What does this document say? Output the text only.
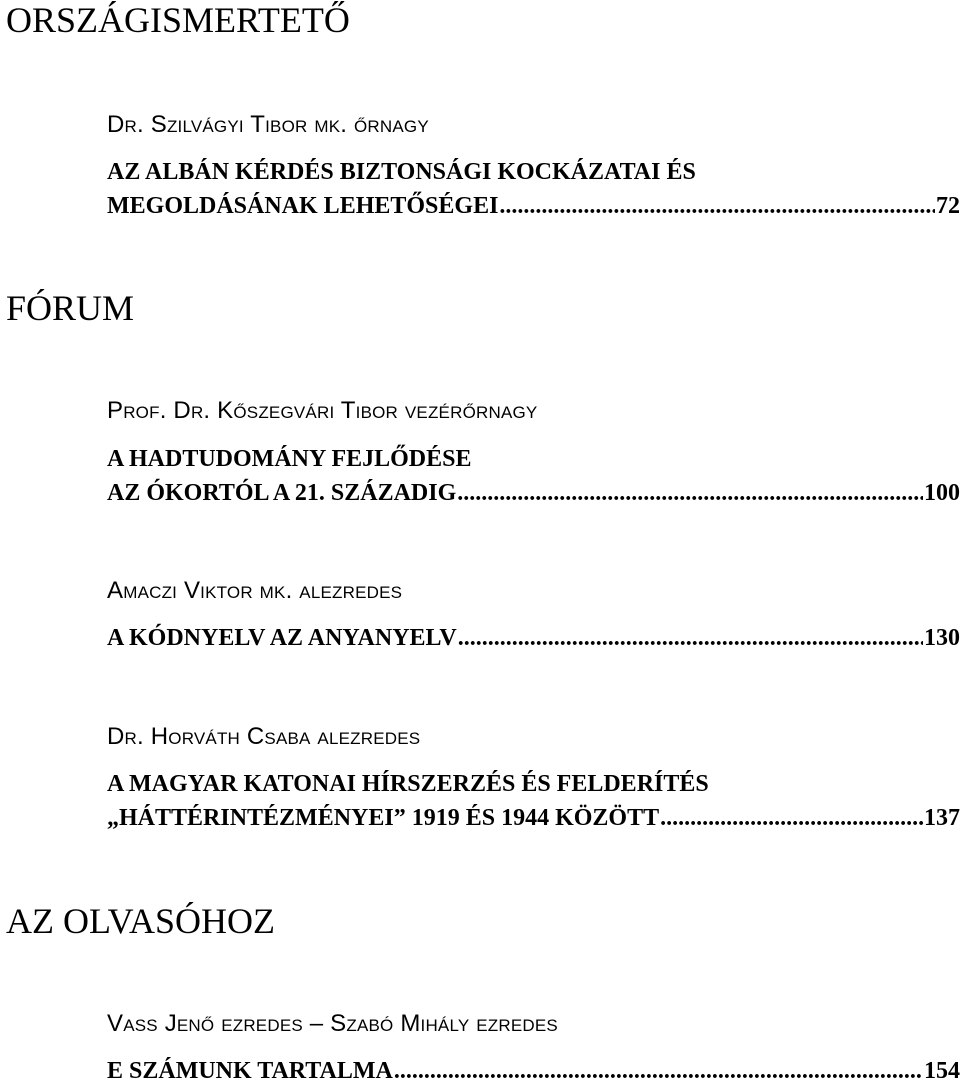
ORSZÁGISMERTETŐ
Dr. Szilvágyi Tibor mk. őrnagy
AZ ALBÁN KÉRDÉS BIZTONSÁGI KOCKÁZATAI ÉS
MEGOLDÁSÁNAK LEHETŐSÉGEI .....	72
FÓRUM
Prof. Dr. Kőszegvári Tibor vezérőrnagy
A HADTUDOMÁNY FEJLŐDÉSE
AZ ÓKORTÓL A 21. SZÁZADIG .....	100
Amaczi Viktor mk. alezredes
A KÓDNYELV AZ ANYANYELV .....	130
Dr. Horváth Csaba alezredes
A MAGYAR KATONAI HÍRSZERZÉS ÉS FELDERÍTÉS
„HÁTTÉRINTÉZMÉNYEI” 1919 ÉS 1944 KÖZÖTT .....	137
AZ OLVASÓHOZ
Vass Jenő ezredes – Szabó Mihály ezredes
E SZÁMUNK TARTALMA .....	154
